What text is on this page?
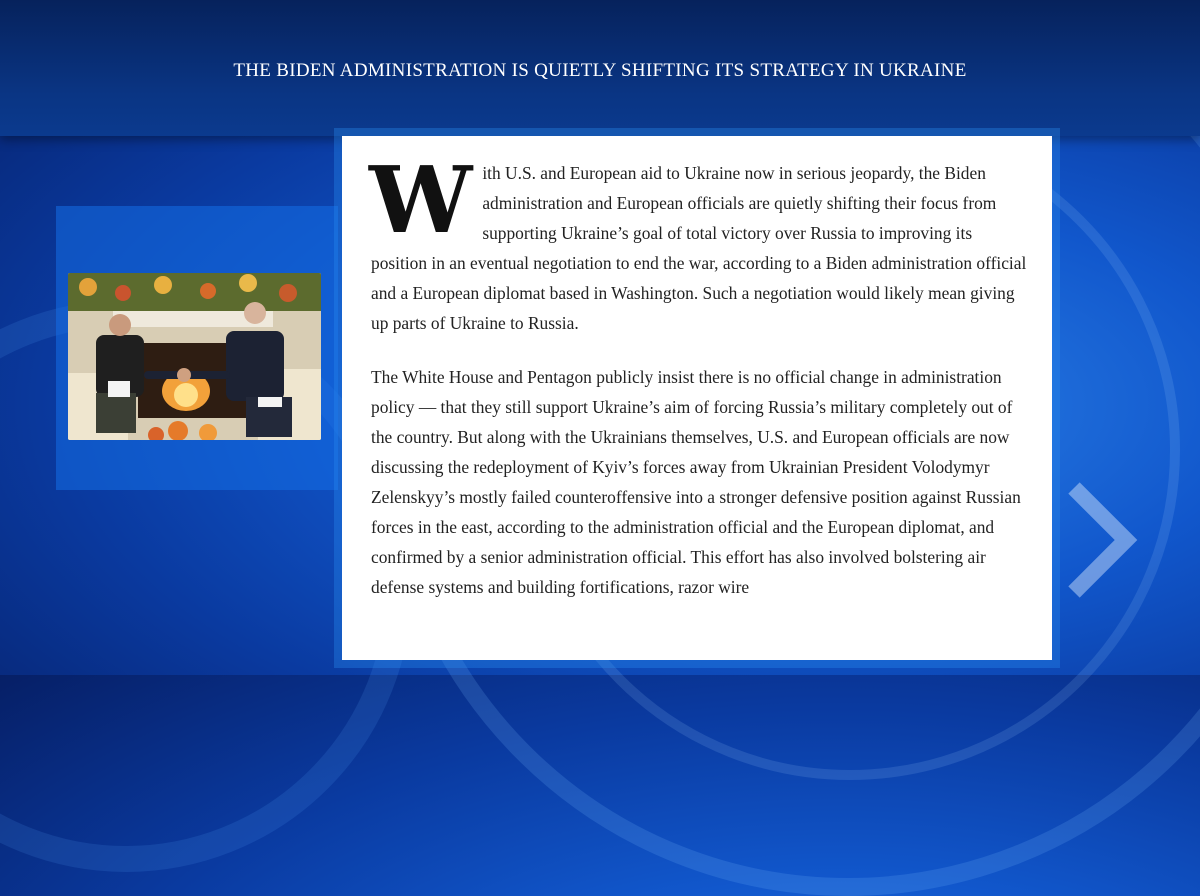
THE BIDEN ADMINISTRATION IS QUIETLY SHIFTING ITS STRATEGY IN UKRAINE

With U.S. and European aid to Ukraine now in serious jeopardy, the Biden administration and European officials are quietly shifting their focus from supporting Ukraine’s goal of total victory over Russia to improving its position in an eventual negotiation to end the war, according to a Biden administration official and a European diplomat based in Washington. Such a negotiation would likely mean giving up parts of Ukraine to Russia.

The White House and Pentagon publicly insist there is no official change in administration policy — that they still support Ukraine’s aim of forcing Russia’s military completely out of the country. But along with the Ukrainians themselves, U.S. and European officials are now discussing the redeployment of Kyiv’s forces away from Ukrainian President Volodymyr Zelenskyy’s mostly failed counteroffensive into a stronger defensive position against Russian forces in the east, according to the administration official and the European diplomat, and confirmed by a senior administration official. This effort has also involved bolstering air defense systems and building fortifications, razor wire
